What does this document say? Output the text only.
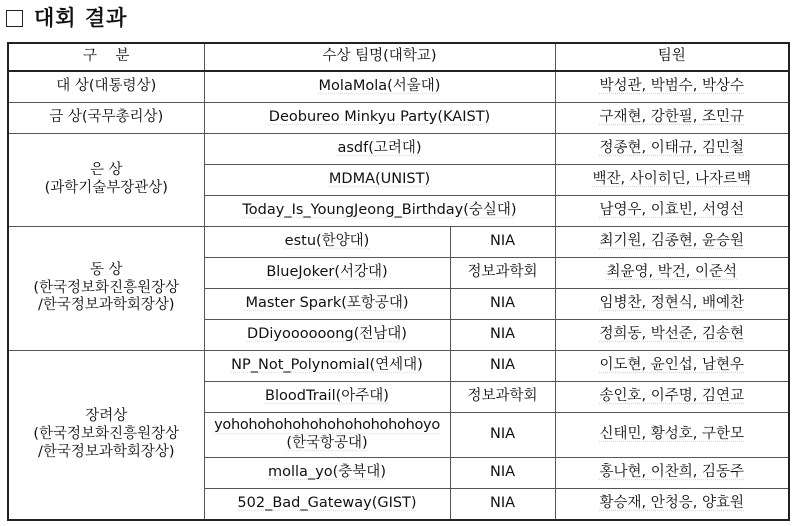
대회 결과
구    분	수상 팀명(대학교)		팀원
대 상(대통령상)	MolaMola(서울대)		박성관, 박범수, 박상수
금 상(국무총리상)	Deobureo Minkyu Party(KAIST)		구재현, 강한필, 조민규

은 상
(과학기술부장관상)	asdf(고려대)		정종현, 이태규, 김민철
	MDMA(UNIST)		백잔, 사이히딘, 나자르백
	Today_Is_YoungJeong_Birthday(숭실대)		남영우, 이효빈, 서영선

동 상
(한국정보화진흥원장상
/한국정보과학회장상)	estu(한양대)	NIA	최기원, 김종현, 윤승원
	BlueJoker(서강대)	정보과학회	최윤영, 박건, 이준석
	Master Spark(포항공대)	NIA	임병찬, 정현식, 배예찬
	DDiyoooooong(전남대)	NIA	정희동, 박선준, 김송현

장려상
(한국정보화진흥원장상
/한국정보과학회장상)	NP_Not_Polynomial(연세대)	NIA	이도현, 윤인섭, 남현우
	BloodTrail(아주대)	정보과학회	송인호, 이주명, 김연교

	yohohohohohohohohohohohoyo
(한국항공대)	NIA	신태민, 황성호, 구한모
	molla_yo(충북대)	NIA	홍나현, 이찬희, 김동주
	502_Bad_Gateway(GIST)	NIA	황승재, 안청응, 양효원
